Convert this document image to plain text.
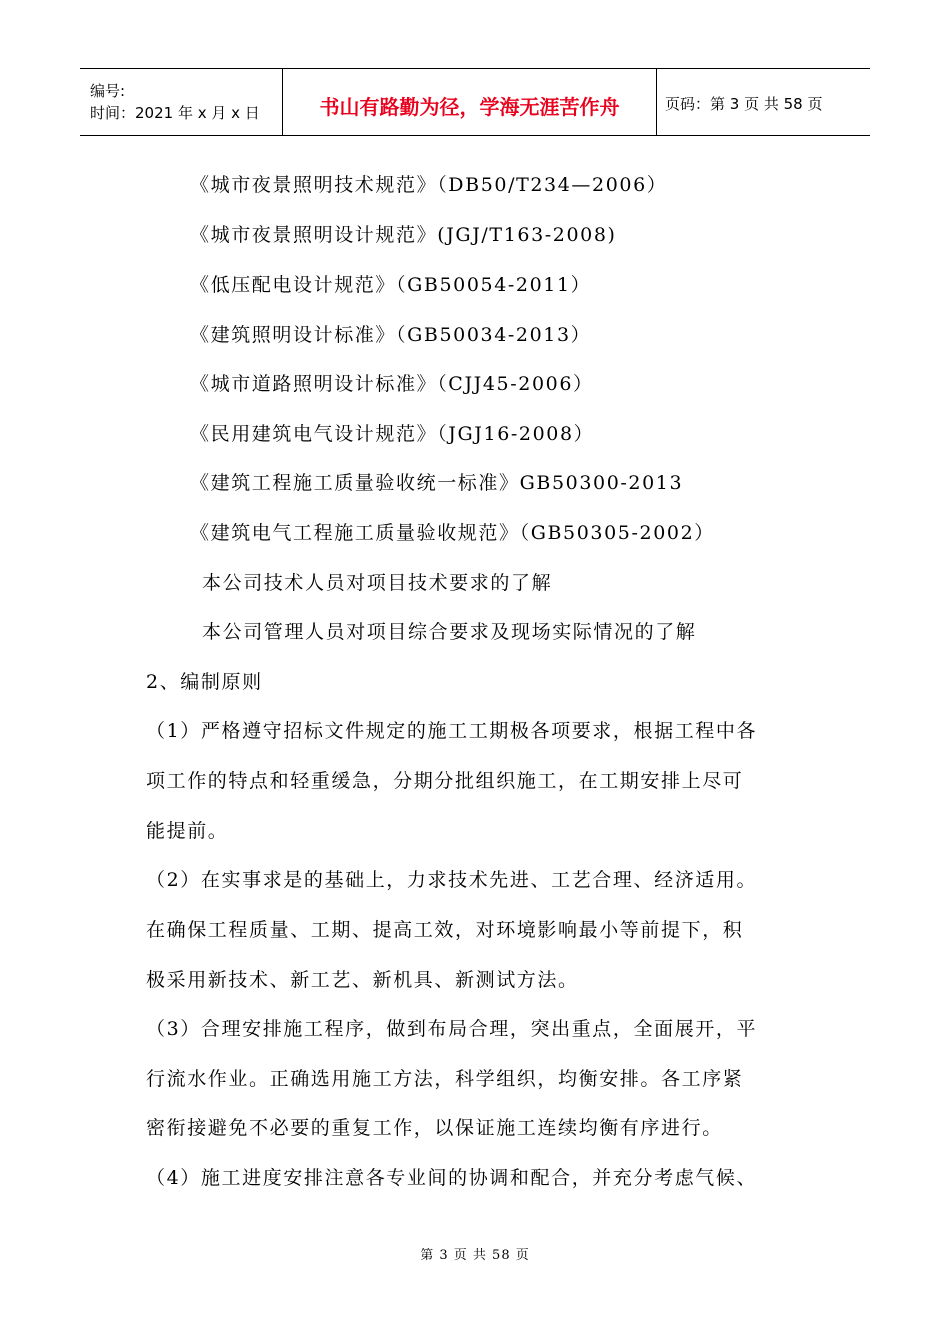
编号:
时间：2021 年 x 月 x 日	书山有路勤为径，学海无涯苦作舟	页码：第 3 页 共 58 页
《城市夜景照明技术规范》（DB50/T234—2006）
《城市夜景照明设计规范》(JGJ/T163-2008)
《低压配电设计规范》（GB50054-2011）
《建筑照明设计标准》（GB50034-2013）
《城市道路照明设计标准》（CJJ45-2006）
《民用建筑电气设计规范》（JGJ16-2008）
《建筑工程施工质量验收统一标准》GB50300-2013
《建筑电气工程施工质量验收规范》（GB50305-2002）
本公司技术人员对项目技术要求的了解
本公司管理人员对项目综合要求及现场实际情况的了解
2、编制原则
（1）严格遵守招标文件规定的施工工期极各项要求，根据工程中各
项工作的特点和轻重缓急，分期分批组织施工，在工期安排上尽可
能提前。
（2）在实事求是的基础上，力求技术先进、工艺合理、经济适用。
在确保工程质量、工期、提高工效，对环境影响最小等前提下，积
极采用新技术、新工艺、新机具、新测试方法。
（3）合理安排施工程序，做到布局合理，突出重点，全面展开，平
行流水作业。正确选用施工方法，科学组织，均衡安排。各工序紧
密衔接避免不必要的重复工作，以保证施工连续均衡有序进行。
（4）施工进度安排注意各专业间的协调和配合，并充分考虑气候、
第 3 页 共 58 页
